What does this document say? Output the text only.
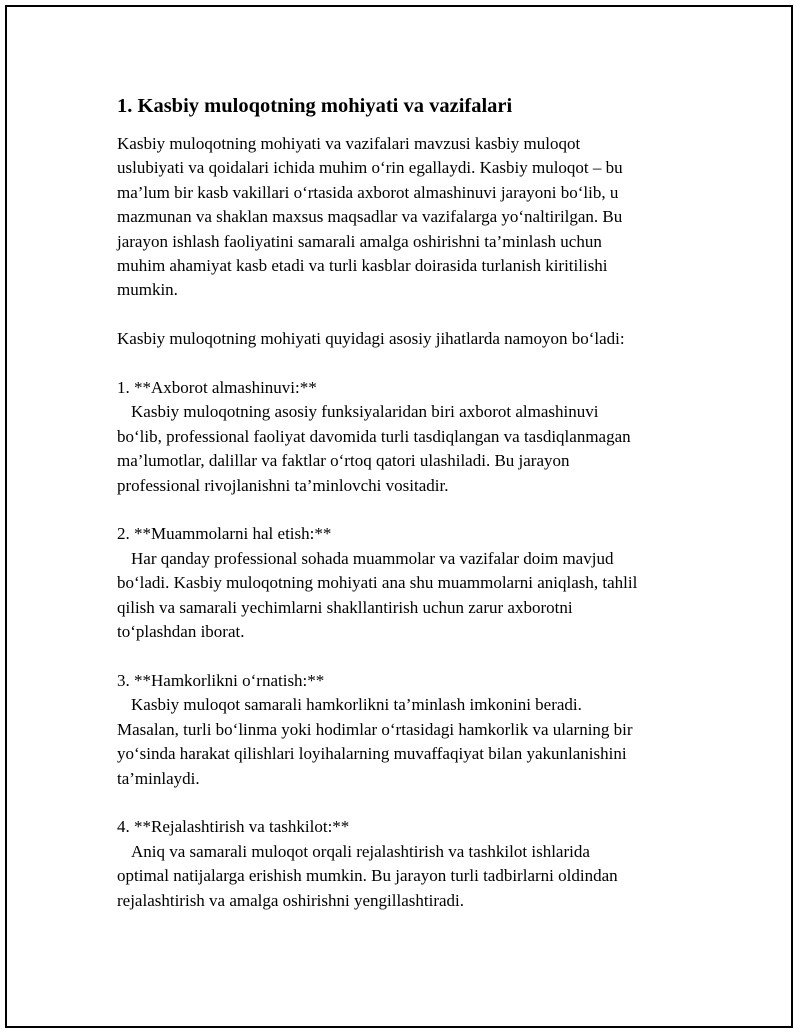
1. Kasbiy muloqotning mohiyati va vazifalari

Kasbiy muloqotning mohiyati va vazifalari mavzusi kasbiy muloqot
uslubiyati va qoidalari ichida muhim o‘rin egallaydi. Kasbiy muloqot – bu
ma’lum bir kasb vakillari o‘rtasida axborot almashinuvi jarayoni bo‘lib, u
mazmunan va shaklan maxsus maqsadlar va vazifalarga yo‘naltirilgan. Bu
jarayon ishlash faoliyatini samarali amalga oshirishni ta’minlash uchun
muhim ahamiyat kasb etadi va turli kasblar doirasida turlanish kiritilishi
mumkin.

Kasbiy muloqotning mohiyati quyidagi asosiy jihatlarda namoyon bo‘ladi:

1. **Axborot almashinuvi:**
Kasbiy muloqotning asosiy funksiyalaridan biri axborot almashinuvi
bo‘lib, professional faoliyat davomida turli tasdiqlangan va tasdiqlanmagan
ma’lumotlar, dalillar va faktlar o‘rtoq qatori ulashiladi. Bu jarayon
professional rivojlanishni ta’minlovchi vositadir.
2. **Muammolarni hal etish:**
Har qanday professional sohada muammolar va vazifalar doim mavjud
bo‘ladi. Kasbiy muloqotning mohiyati ana shu muammolarni aniqlash, tahlil
qilish va samarali yechimlarni shakllantirish uchun zarur axborotni
to‘plashdan iborat.
3. **Hamkorlikni o‘rnatish:**
Kasbiy muloqot samarali hamkorlikni ta’minlash imkonini beradi.
Masalan, turli bo‘linma yoki hodimlar o‘rtasidagi hamkorlik va ularning bir
yo‘sinda harakat qilishlari loyihalarning muvaffaqiyat bilan yakunlanishini
ta’minlaydi.
4. **Rejalashtirish va tashkilot:**
Aniq va samarali muloqot orqali rejalashtirish va tashkilot ishlarida
optimal natijalarga erishish mumkin. Bu jarayon turli tadbirlarni oldindan
rejalashtirish va amalga oshirishni yengillashtiradi.
